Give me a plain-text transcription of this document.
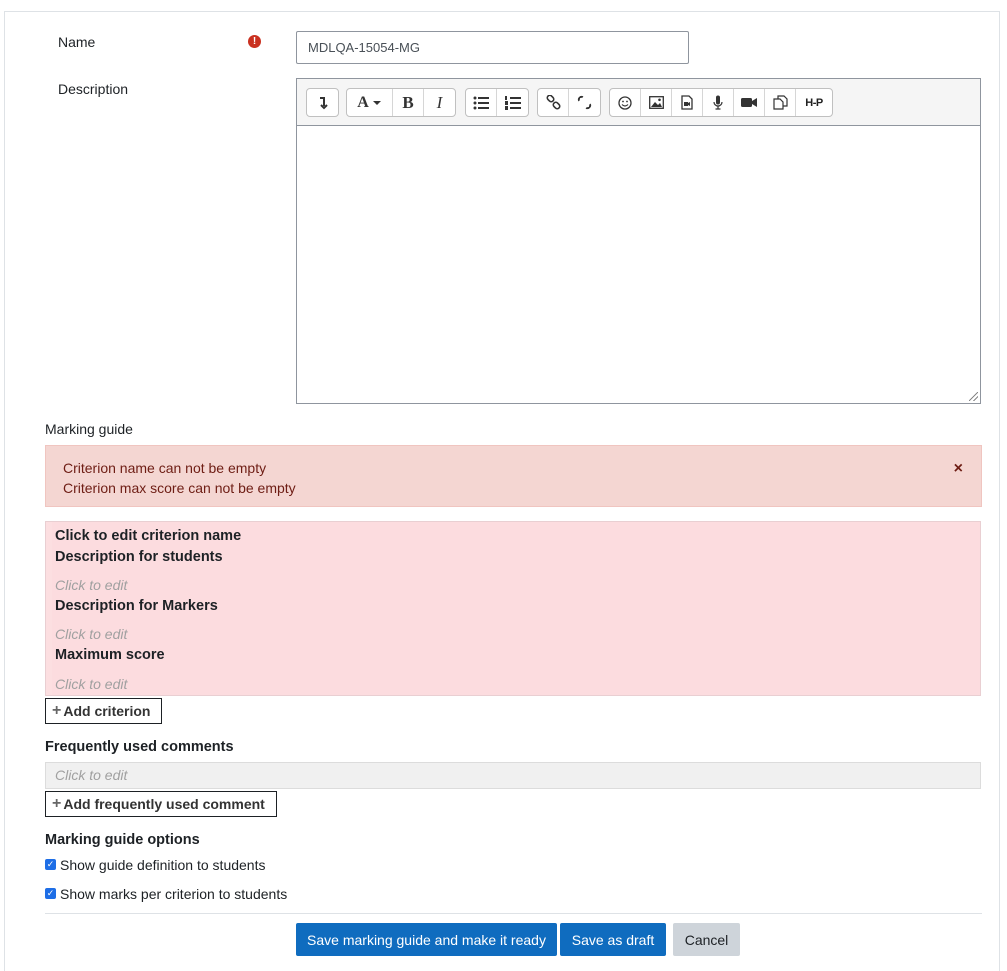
Name	!
MDLQA-15054-MG
Description
A B I	H-P
Marking guide
Criterion name can not be empty
Criterion max score can not be empty
×
Click to edit criterion name
Description for students
Click to edit
Description for Markers
Click to edit
Maximum score
Click to edit
+ Add criterion
Frequently used comments
Click to edit
+ Add frequently used comment
Marking guide options
✓ Show guide definition to students
✓ Show marks per criterion to students
Save marking guide and make it ready	Save as draft	Cancel
